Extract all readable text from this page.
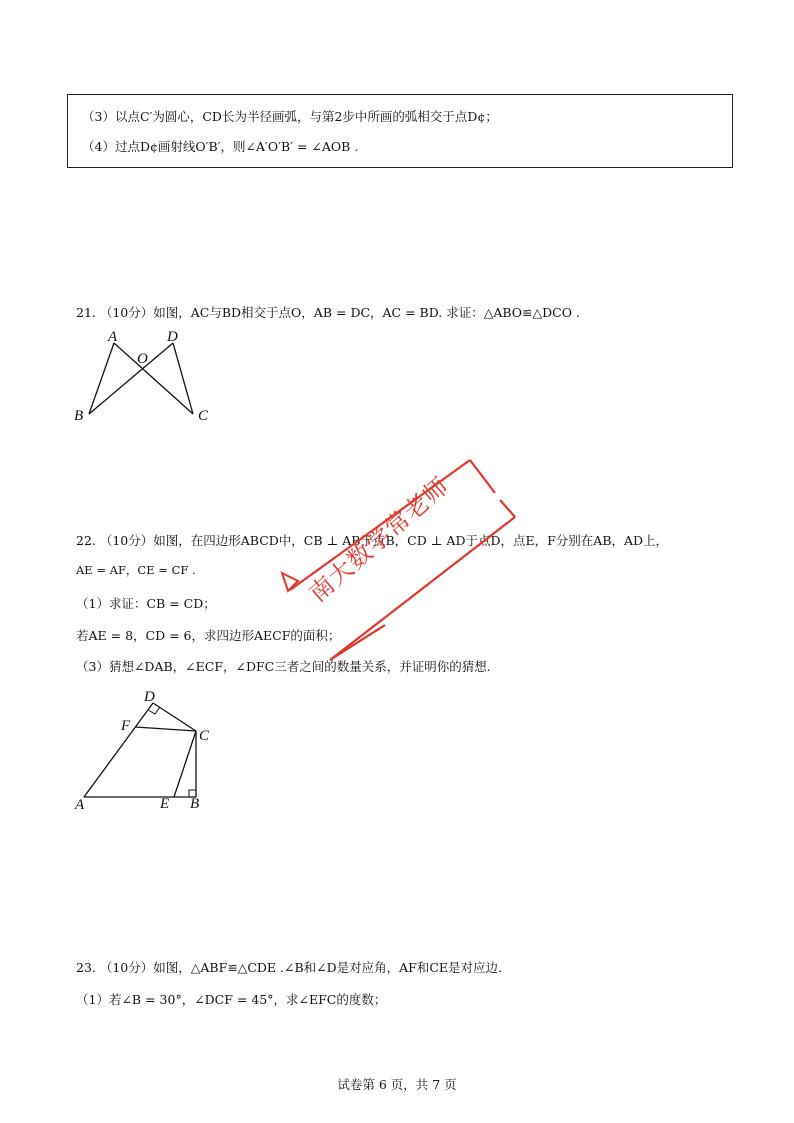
（3）以点C′为圆心，CD长为半径画弧，与第2步中所画的弧相交于点D¢；
（4）过点D¢画射线O′B′，则∠A′O′B′ = ∠AOB .
21. （10分）如图，AC与BD相交于点O，AB = DC，AC = BD. 求证：△ABO≌△DCO .
A	D
O
B	C
22. （10分）如图，在四边形ABCD中，CB ⊥ AB于点B，CD ⊥ AD于点D，点E，F分别在AB，AD上，
AE = AF，CE = CF .
（1）求证：CB = CD；
若AE = 8，CD = 6，求四边形AECF的面积；
（3）猜想∠DAB，∠ECF，∠DFC三者之间的数量关系，并证明你的猜想.
D
F
C
A	E B
南大数学常老师
23. （10分）如图，△ABF≌△CDE .∠B和∠D是对应角，AF和CE是对应边.
（1）若∠B = 30°，∠DCF = 45°，求∠EFC的度数；
试卷第 6 页，共 7 页
